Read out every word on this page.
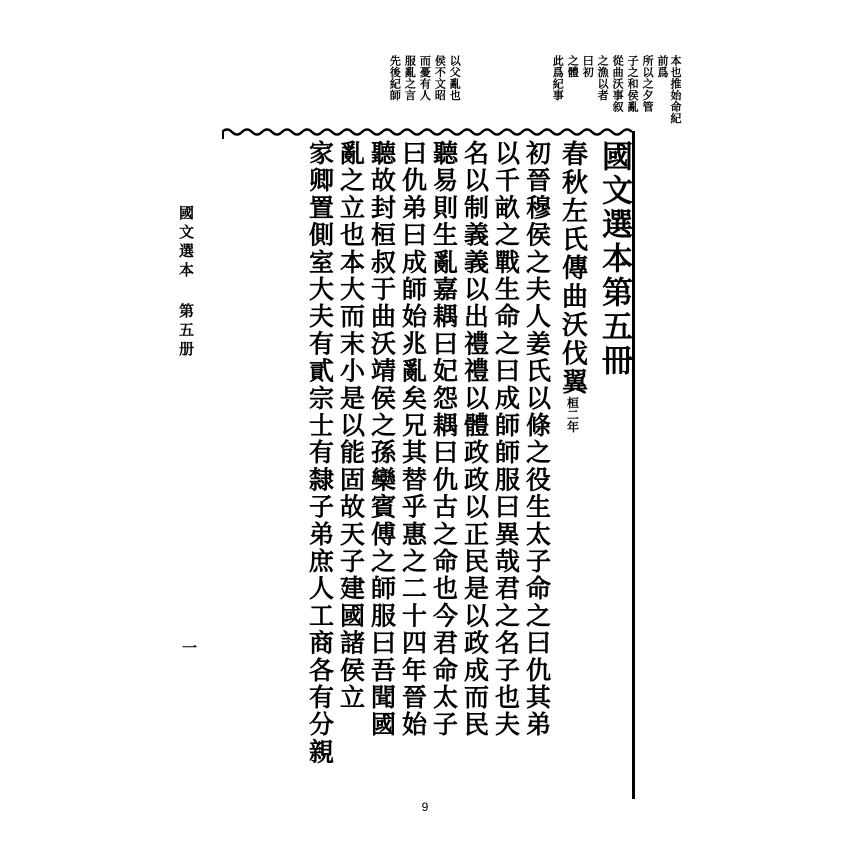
此爲紀事 之體 曰初 之漁以者 從曲沃事叙 子之和侯亂 所以之夕管	本也推始命紀前爲
先後紀師 服亂之言 而憂有人 侯不文昭 以父亂也
國文選本第五冊
春秋左氏傳曲沃伐翼桓二年
初晉穆侯之夫人姜氏以條之役生太子命之曰仇其弟
以千畝之戰生命之曰成師師服曰異哉君之名子也夫
名以制義義以出禮禮以體政政以正民是以政成而民
聽易則生亂嘉耦曰妃怨耦曰仇古之命也今君命太子
曰仇弟曰成師始兆亂矣兄其替乎惠之二十四年晉始
聽故封桓叔于曲沃靖侯之孫欒賓傅之師服曰吾聞國
亂之立也本大而末小是以能固故天子建國諸侯立
家卿置側室大夫有貳宗士有隸子弟庶人工商各有分親
國文選本 第五册
一
9
